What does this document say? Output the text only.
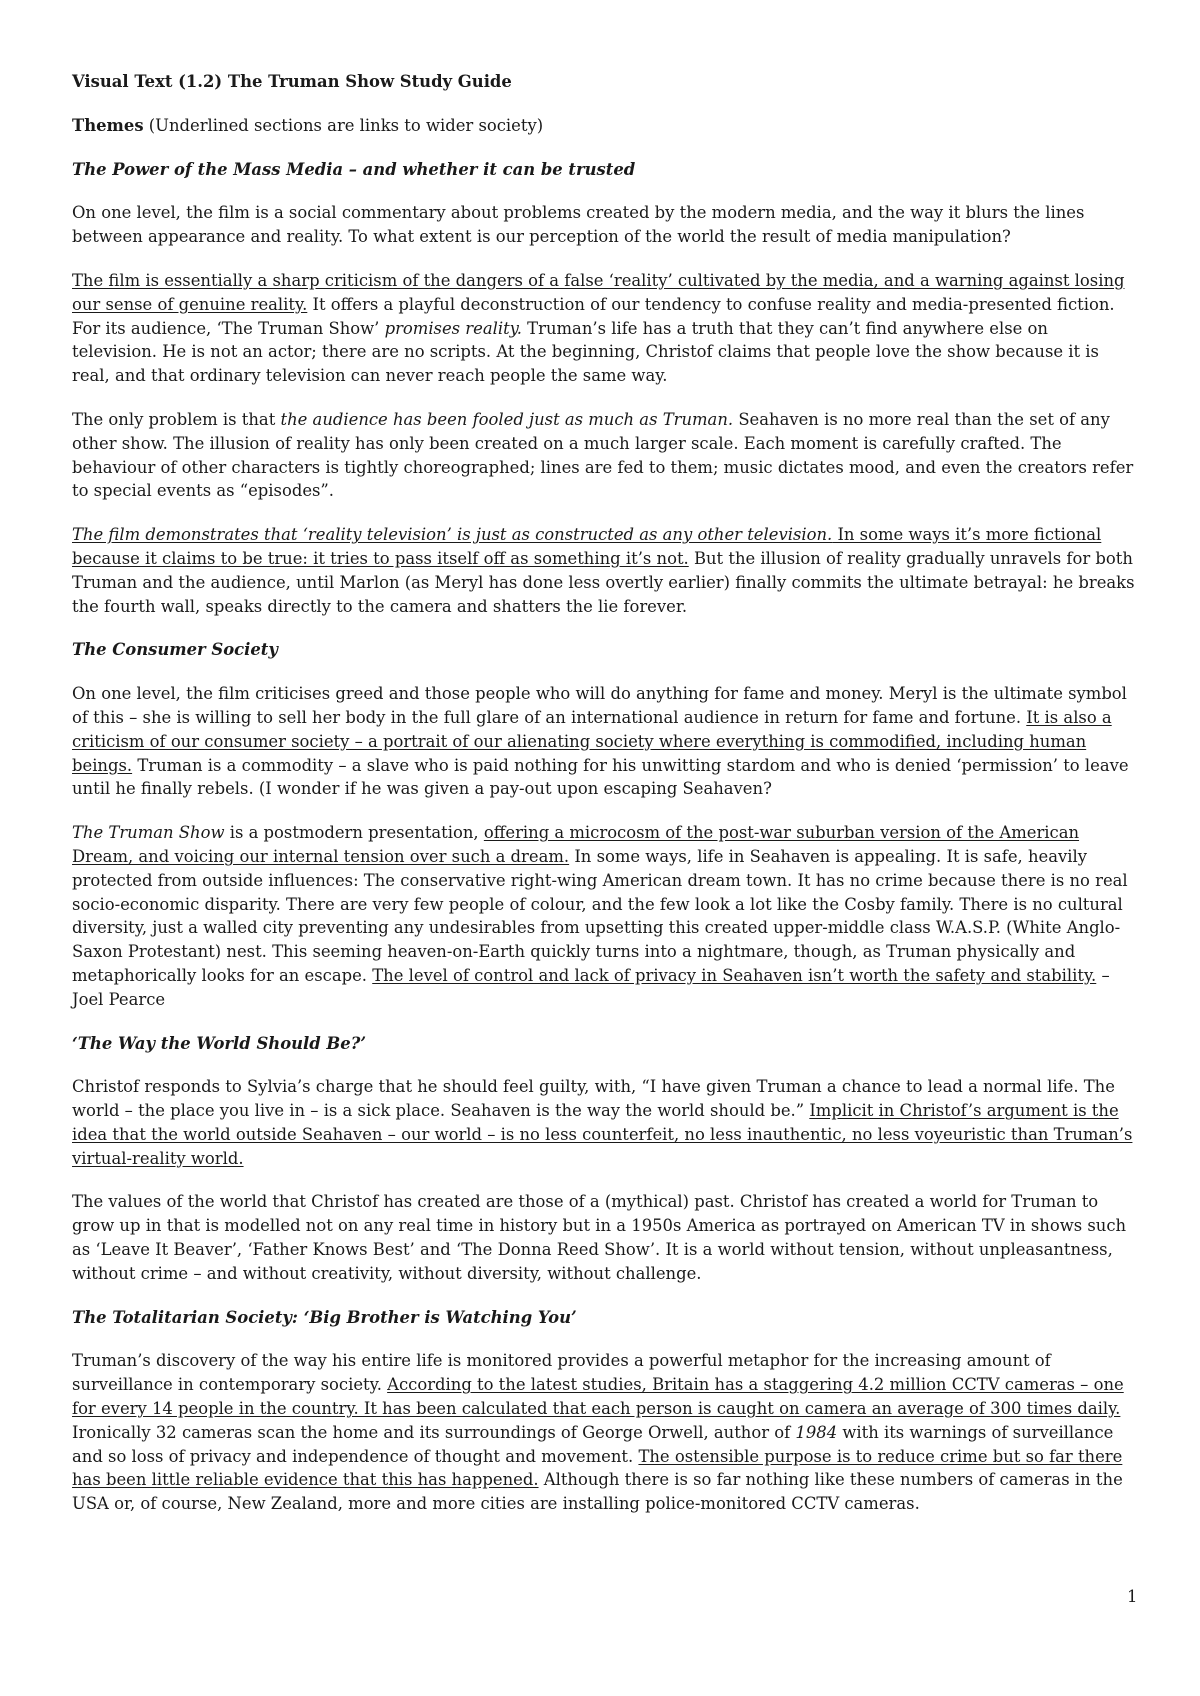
Visual Text (1.2) The Truman Show Study Guide
Themes (Underlined sections are links to wider society)
The Power of the Mass Media – and whether it can be trusted
On one level, the film is a social commentary about problems created by the modern media, and the way it blurs the lines between appearance and reality. To what extent is our perception of the world the result of media manipulation?
The film is essentially a sharp criticism of the dangers of a false ‘reality’ cultivated by the media, and a warning against losing our sense of genuine reality. It offers a playful deconstruction of our tendency to confuse reality and media-presented fiction. For its audience, ‘The Truman Show’ promises reality. Truman’s life has a truth that they can’t find anywhere else on television. He is not an actor; there are no scripts. At the beginning, Christof claims that people love the show because it is real, and that ordinary television can never reach people the same way.
The only problem is that the audience has been fooled just as much as Truman. Seahaven is no more real than the set of any other show. The illusion of reality has only been created on a much larger scale. Each moment is carefully crafted. The behaviour of other characters is tightly choreographed; lines are fed to them; music dictates mood, and even the creators refer to special events as “episodes”.
The film demonstrates that ‘reality television’ is just as constructed as any other television. In some ways it’s more fictional because it claims to be true: it tries to pass itself off as something it’s not. But the illusion of reality gradually unravels for both Truman and the audience, until Marlon (as Meryl has done less overtly earlier) finally commits the ultimate betrayal: he breaks the fourth wall, speaks directly to the camera and shatters the lie forever.
The Consumer Society
On one level, the film criticises greed and those people who will do anything for fame and money. Meryl is the ultimate symbol of this – she is willing to sell her body in the full glare of an international audience in return for fame and fortune. It is also a criticism of our consumer society – a portrait of our alienating society where everything is commodified, including human beings. Truman is a commodity – a slave who is paid nothing for his unwitting stardom and who is denied ‘permission’ to leave until he finally rebels. (I wonder if he was given a pay-out upon escaping Seahaven?
The Truman Show is a postmodern presentation, offering a microcosm of the post-war suburban version of the American Dream, and voicing our internal tension over such a dream. In some ways, life in Seahaven is appealing. It is safe, heavily protected from outside influences: The conservative right-wing American dream town. It has no crime because there is no real socio-economic disparity. There are very few people of colour, and the few look a lot like the Cosby family. There is no cultural diversity, just a walled city preventing any undesirables from upsetting this created upper-middle class W.A.S.P. (White Anglo-Saxon Protestant) nest. This seeming heaven-on-Earth quickly turns into a nightmare, though, as Truman physically and metaphorically looks for an escape. The level of control and lack of privacy in Seahaven isn’t worth the safety and stability. – Joel Pearce
‘The Way the World Should Be?’
Christof responds to Sylvia’s charge that he should feel guilty, with, “I have given Truman a chance to lead a normal life. The world – the place you live in – is a sick place. Seahaven is the way the world should be.” Implicit in Christof’s argument is the idea that the world outside Seahaven – our world – is no less counterfeit, no less inauthentic, no less voyeuristic than Truman’s virtual-reality world.
The values of the world that Christof has created are those of a (mythical) past. Christof has created a world for Truman to grow up in that is modelled not on any real time in history but in a 1950s America as portrayed on American TV in shows such as ‘Leave It Beaver’, ‘Father Knows Best’ and ‘The Donna Reed Show’. It is a world without tension, without unpleasantness, without crime – and without creativity, without diversity, without challenge.
The Totalitarian Society: ‘Big Brother is Watching You’
Truman’s discovery of the way his entire life is monitored provides a powerful metaphor for the increasing amount of surveillance in contemporary society. According to the latest studies, Britain has a staggering 4.2 million CCTV cameras – one for every 14 people in the country. It has been calculated that each person is caught on camera an average of 300 times daily. Ironically 32 cameras scan the home and its surroundings of George Orwell, author of 1984 with its warnings of surveillance and so loss of privacy and independence of thought and movement. The ostensible purpose is to reduce crime but so far there has been little reliable evidence that this has happened. Although there is so far nothing like these numbers of cameras in the USA or, of course, New Zealand, more and more cities are installing police-monitored CCTV cameras.
1
